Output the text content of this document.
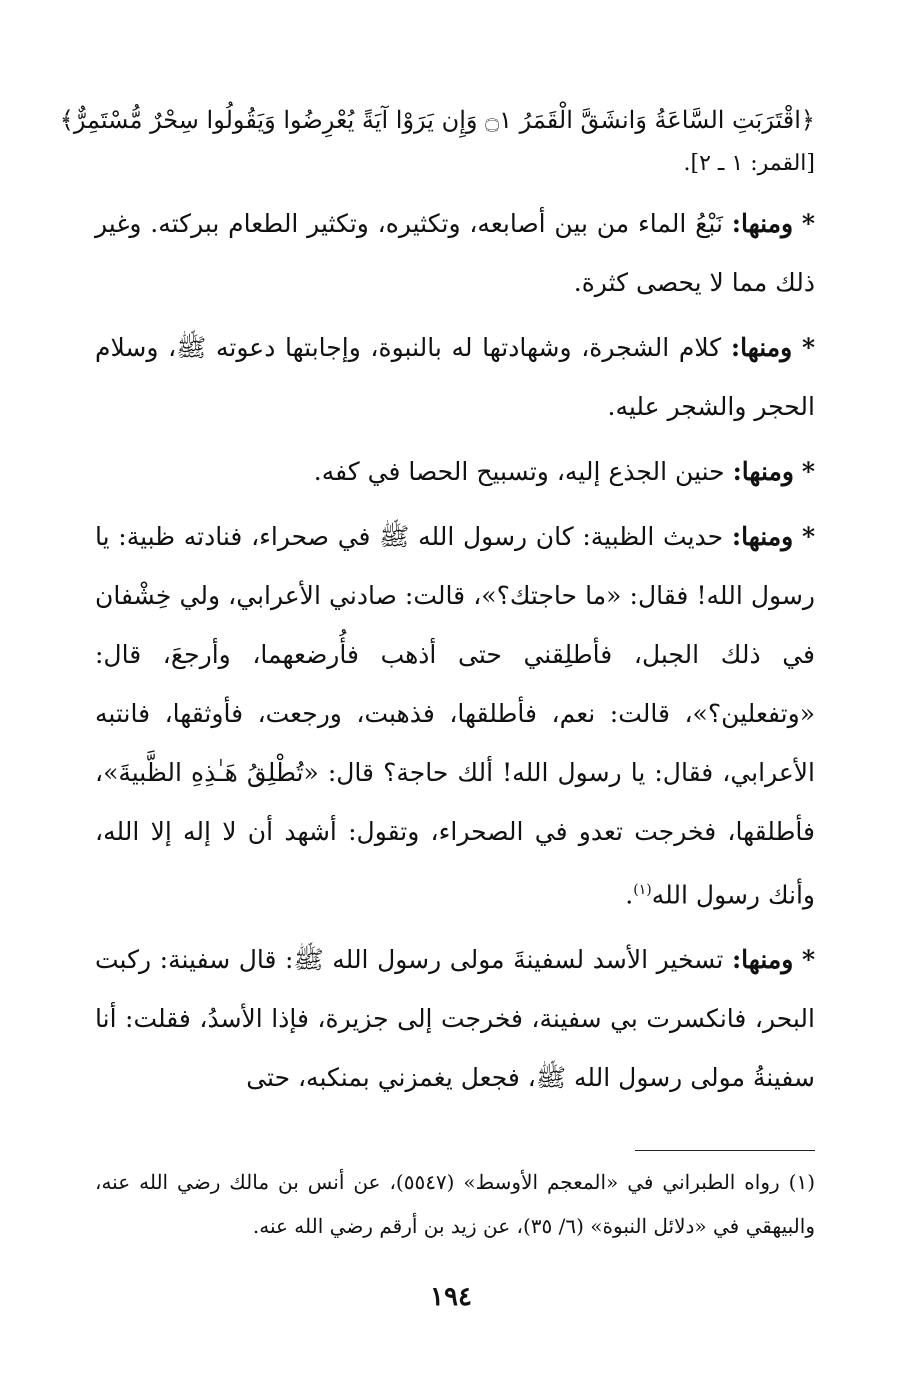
﴿اقْتَرَبَتِ السَّاعَةُ وَانشَقَّ الْقَمَرُ ۝١ وَإِن يَرَوْا آيَةً يُعْرِضُوا وَيَقُولُوا سِحْرٌ مُّسْتَمِرٌّ﴾

[القمر: ١ ـ ٢].

* ومنها: نَبْعُ الماء من بين أصابعه، وتكثيره، وتكثير الطعام ببركته. وغير ذلك مما لا يحصى كثرة.

* ومنها: كلام الشجرة، وشهادتها له بالنبوة، وإجابتها دعوته ﷺ، وسلام الحجر والشجر عليه.

* ومنها: حنين الجذع إليه، وتسبيح الحصا في كفه.

* ومنها: حديث الظبية: كان رسول الله ﷺ في صحراء، فنادته ظبية: يا رسول الله! فقال: «ما حاجتك؟»، قالت: صادني الأعرابي، ولي خِشْفان في ذلك الجبل، فأطلِقني حتى أذهب فأُرضعهما، وأرجعَ، قال: «وتفعلين؟»، قالت: نعم، فأطلقها، فذهبت، ورجعت، فأوثقها، فانتبه الأعرابي، فقال: يا رسول الله! ألك حاجة؟ قال: «تُطْلِقُ هَـٰذِهِ الظَّبيةَ»، فأطلقها، فخرجت تعدو في الصحراء، وتقول: أشهد أن لا إله إلا الله، وأنك رسول الله$^{(١)}$.

* ومنها: تسخير الأسد لسفينةَ مولى رسول الله ﷺ: قال سفينة: ركبت البحر، فانكسرت بي سفينة، فخرجت إلى جزيرة، فإذا الأسدُ، فقلت: أنا سفينةُ مولى رسول الله ﷺ، فجعل يغمزني بمنكبه، حتى

(١) رواه الطبراني في «المعجم الأوسط» (٥٥٤٧)، عن أنس بن مالك رضي الله عنه، والبيهقي في «دلائل النبوة» (٦/ ٣٥)، عن زيد بن أرقم رضي الله عنه.
١٩٤
